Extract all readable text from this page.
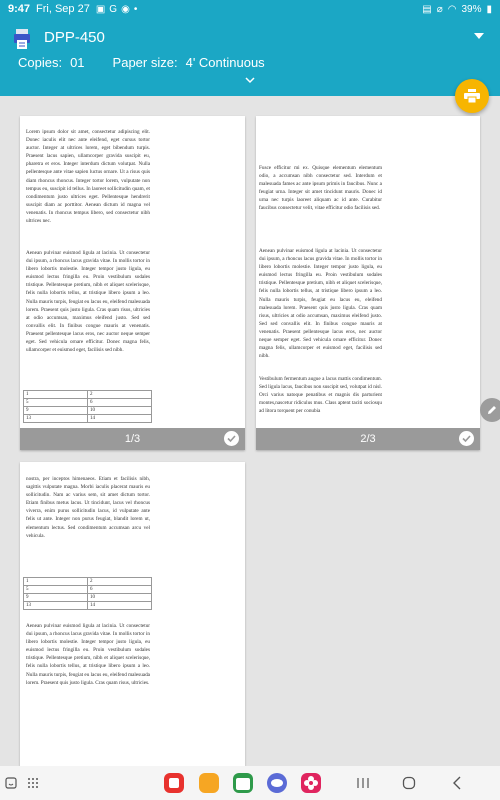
9:47 Fri, Sep 27 ▣ G ◉ •	▤ ⌀ ◠ 39% ▮
DPP-450
Copies: 01 Paper size: 4' Continuous
Lorem ipsum dolor sit amet, consectetur adipiscing elit. Donec iaculis elit nec ante eleifend, eget cursus tortor auctor. Integer at ultrices lorem, eget bibendum turpis. Praesent lacus sapien, ullamcorper gravida suscipit eu, pharetra et eros. Integer interdum dictum volutpat. Nulla pellentesque ante vitae sapien luctus ornare. Ut a risus quis diam rhoncus rhoncus. Integer tortor lorem, vulputate non tempus eu, suscipit id tellus. In laoreet sollicitudin quam, et condimentum justo ultrices eget. Pellentesque hendrerit suscipit diam ac porttitor. Aenean dictum id magna vel venenatis. In rhoncus tempus libero, sed consectetur nibh ultrices nec.
Aenean pulvinar euismod ligula at lacinia. Ut consectetur dui ipsum, a rhoncus lacus gravida vitae. In mollis tortor in libero lobortis molestie. Integer tempor justo ligula, eu euismod lectus fringilla eu. Proin vestibulum sodales tristique. Pellentesque pretium, nibh et aliquet scelerisque, felis nulla lobortis tellus, at tristique libero ipsum a leo. Nulla mauris turpis, feugiat eu lacus eu, eleifend malesuada lorem. Praesent quis justo ligula. Cras quam risus, ultricies at odio accumsan, maximus eleifend justo. Sed sed convallis elit. In finibus congue mauris at venenatis. Praesent pellentesque lacus eros, nec auctor neque semper eget. Sed vehicula ornare efficitur. Donec magna felis, ullamcorper et euismod eget, facilisis sed nibh.
1	2
5	6
9	10
13	14
1/3
Fusce efficitur mi ex. Quisque elementum elementum odio, a accumsan nibh consectetur sed. Interdum et malesuada fames ac ante ipsum primis in faucibus. Nunc a feugiat urna. Integer sit amet tincidunt mauris. Donec id urna nec turpis laoreet aliquam ac id ante. Curabitur faucibus consectetur velit, vitae efficitur odio facilisis sed.
Aenean pulvinar euismod ligula at lacinia. Ut consectetur dui ipsum, a rhoncus lacus gravida vitae. In mollis tortor in libero lobortis molestie. Integer tempor justo ligula, eu euismod lectus fringilla eu. Proin vestibulum sodales tristique. Pellentesque pretium, nibh et aliquet scelerisque, felis nulla lobortis tellus, at tristique libero ipsum a leo. Nulla mauris turpis, feugiat eu lacus eu, eleifend malesuada lorem. Praesent quis justo ligula. Cras quam risus, ultricies at odio accumsan, maximus eleifend justo. Sed sed convallis elit. In finibus congue mauris at venenatis. Praesent pellentesque lacus eros, nec auctor neque semper eget. Sed vehicula ornare efficitur. Donec magna felis, ullamcorper et euismod eget, facilisis sed nibh.
Vestibulum fermentum augue a lacus mattis condimentum. Sed ligula lacus, faucibus non suscipit sed, volutpat id nisl. Orci varius natoque penatibus et magnis dis parturient montes,nascetur ridiculus mus. Class aptent taciti sociosqu ad litora torquent per conubia
2/3
nostra, per inceptos himenaeos. Etiam et facilisis nibh, sagittis vulputate magna. Morbi iaculis placerat mauris eu sollicitudin. Nam ac varius sem, sit amet dictum tortor. Etiam finibus metus lacus. Ut tincidunt, lacus vel rhoncus viverra, enim purus sollicitudin lacus, id vulputate ante felis ut ante. Integer non purus feugiat, blandit lorem ut, elementum lectus. Sed condimentum accumsan arcu vel vehicula.
1	2
5	6
9	10
13	14
Aenean pulvinar euismod ligula at lacinia. Ut consectetur dui ipsum, a rhoncus lacus gravida vitae. In mollis tortor in libero lobortis molestie. Integer tempor justo ligula, eu euismod lectus fringilla eu. Proin vestibulum sodales tristique. Pellentesque pretium, nibh et aliquet scelerisque, felis nulla lobortis tellus, at tristique libero ipsum a leo. Nulla mauris turpis, feugiat eu lacus eu, eleifend malesuada lorem. Praesent quis justo ligula. Cras quam risus, ultricies.
